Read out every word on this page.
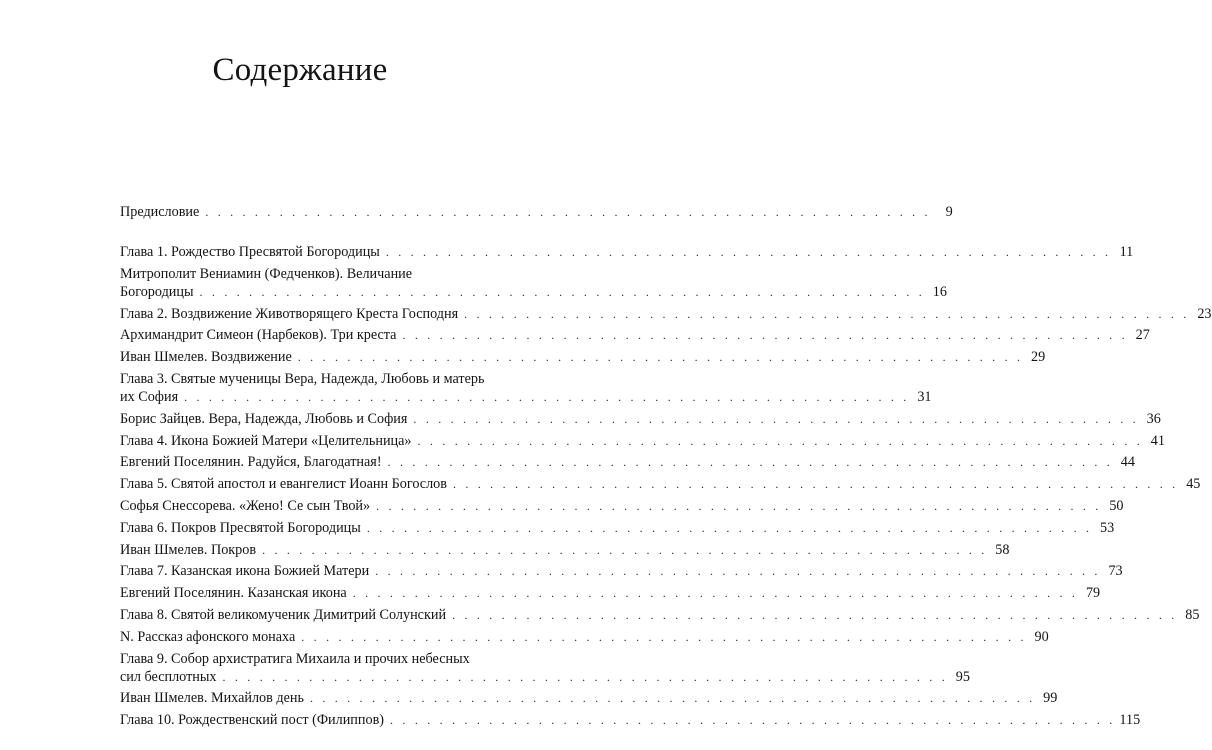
Содержание
Предисловие . . . . . . . . . . . . . . . . . . . . . . . . . . . . . . . . . . . . . . . . . . . . . . . . . . . . . . . . . . .	9
Глава 1. Рождество Пресвятой Богородицы . . . . . . . . . . . . . . . . . . . . . . . . . . . . . . . . . . . . . . . . . . . . . . . . . . . . . . . . . . . 11
Митрополит Вениамин (Федченков). Величание
Богородицы . . . . . . . . . . . . . . . . . . . . . . . . . . . . . . . . . . . . . . . . . . . . . . . . . . . . . . . . . . . 16
Глава 2. Воздвижение Животворящего Креста Господня . . . . . . . . . . . . . . . . . . . . . . . . . . . . . . . . . . . . . . . . . . . . . . . . . . . . . . . . . . . 23
Архимандрит Симеон (Нарбеков). Три креста . . . . . . . . . . . . . . . . . . . . . . . . . . . . . . . . . . . . . . . . . . . . . . . . . . . . . . . . . . . 27
Иван Шмелев. Воздвижение . . . . . . . . . . . . . . . . . . . . . . . . . . . . . . . . . . . . . . . . . . . . . . . . . . . . . . . . . . . 29
Глава 3. Святые мученицы Вера, Надежда, Любовь и матерь
их София . . . . . . . . . . . . . . . . . . . . . . . . . . . . . . . . . . . . . . . . . . . . . . . . . . . . . . . . . . . 31
Борис Зайцев. Вера, Надежда, Любовь и София . . . . . . . . . . . . . . . . . . . . . . . . . . . . . . . . . . . . . . . . . . . . . . . . . . . . . . . . . . . 36
Глава 4. Икона Божией Матери «Целительница» . . . . . . . . . . . . . . . . . . . . . . . . . . . . . . . . . . . . . . . . . . . . . . . . . . . . . . . . . . . 41
Евгений Поселянин. Радуйся, Благодатная! . . . . . . . . . . . . . . . . . . . . . . . . . . . . . . . . . . . . . . . . . . . . . . . . . . . . . . . . . . . 44
Глава 5. Святой апостол и евангелист Иоанн Богослов . . . . . . . . . . . . . . . . . . . . . . . . . . . . . . . . . . . . . . . . . . . . . . . . . . . . . . . . . . . 45
Софья Снессорева. «Жено! Се сын Твой» . . . . . . . . . . . . . . . . . . . . . . . . . . . . . . . . . . . . . . . . . . . . . . . . . . . . . . . . . . . 50
Глава 6. Покров Пресвятой Богородицы . . . . . . . . . . . . . . . . . . . . . . . . . . . . . . . . . . . . . . . . . . . . . . . . . . . . . . . . . . . 53
Иван Шмелев. Покров . . . . . . . . . . . . . . . . . . . . . . . . . . . . . . . . . . . . . . . . . . . . . . . . . . . . . . . . . . . 58
Глава 7. Казанская икона Божией Матери . . . . . . . . . . . . . . . . . . . . . . . . . . . . . . . . . . . . . . . . . . . . . . . . . . . . . . . . . . . 73
Евгений Поселянин. Казанская икона . . . . . . . . . . . . . . . . . . . . . . . . . . . . . . . . . . . . . . . . . . . . . . . . . . . . . . . . . . . 79
Глава 8. Святой великомученик Димитрий Солунский . . . . . . . . . . . . . . . . . . . . . . . . . . . . . . . . . . . . . . . . . . . . . . . . . . . . . . . . . . . 85
N. Рассказ афонского монаха . . . . . . . . . . . . . . . . . . . . . . . . . . . . . . . . . . . . . . . . . . . . . . . . . . . . . . . . . . . 90
Глава 9. Собор архистратига Михаила и прочих небесных
сил бесплотных . . . . . . . . . . . . . . . . . . . . . . . . . . . . . . . . . . . . . . . . . . . . . . . . . . . . . . . . . . . 95
Иван Шмелев. Михайлов день . . . . . . . . . . . . . . . . . . . . . . . . . . . . . . . . . . . . . . . . . . . . . . . . . . . . . . . . . . . 99
Глава 10. Рождественский пост (Филиппов) . . . . . . . . . . . . . . . . . . . . . . . . . . . . . . . . . . . . . . . . . . . . . . . . . . . . . . . . . . . 115
